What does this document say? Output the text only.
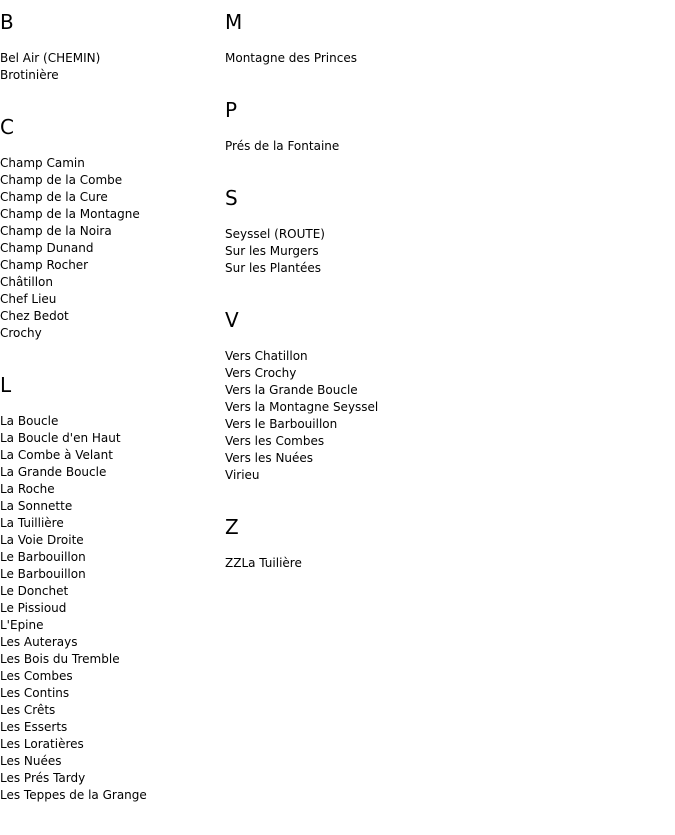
B
Bel Air (CHEMIN)
Brotinière
C
Champ Camin
Champ de la Combe
Champ de la Cure
Champ de la Montagne
Champ de la Noira
Champ Dunand
Champ Rocher
Châtillon
Chef Lieu
Chez Bedot
Crochy
L
La Boucle
La Boucle d'en Haut
La Combe à Velant
La Grande Boucle
La Roche
La Sonnette
La Tuillière
La Voie Droite
Le Barbouillon
Le Barbouillon
Le Donchet
Le Pissioud
L'Epine
Les Auterays
Les Bois du Tremble
Les Combes
Les Contins
Les Crêts
Les Esserts
Les Loratières
Les Nuées
Les Prés Tardy
Les Teppes de la Grange
M
Montagne des Princes
P
Prés de la Fontaine
S
Seyssel (ROUTE)
Sur les Murgers
Sur les Plantées
V
Vers Chatillon
Vers Crochy
Vers la Grande Boucle
Vers la Montagne Seyssel
Vers le Barbouillon
Vers les Combes
Vers les Nuées
Virieu
Z
ZZLa Tuilière
